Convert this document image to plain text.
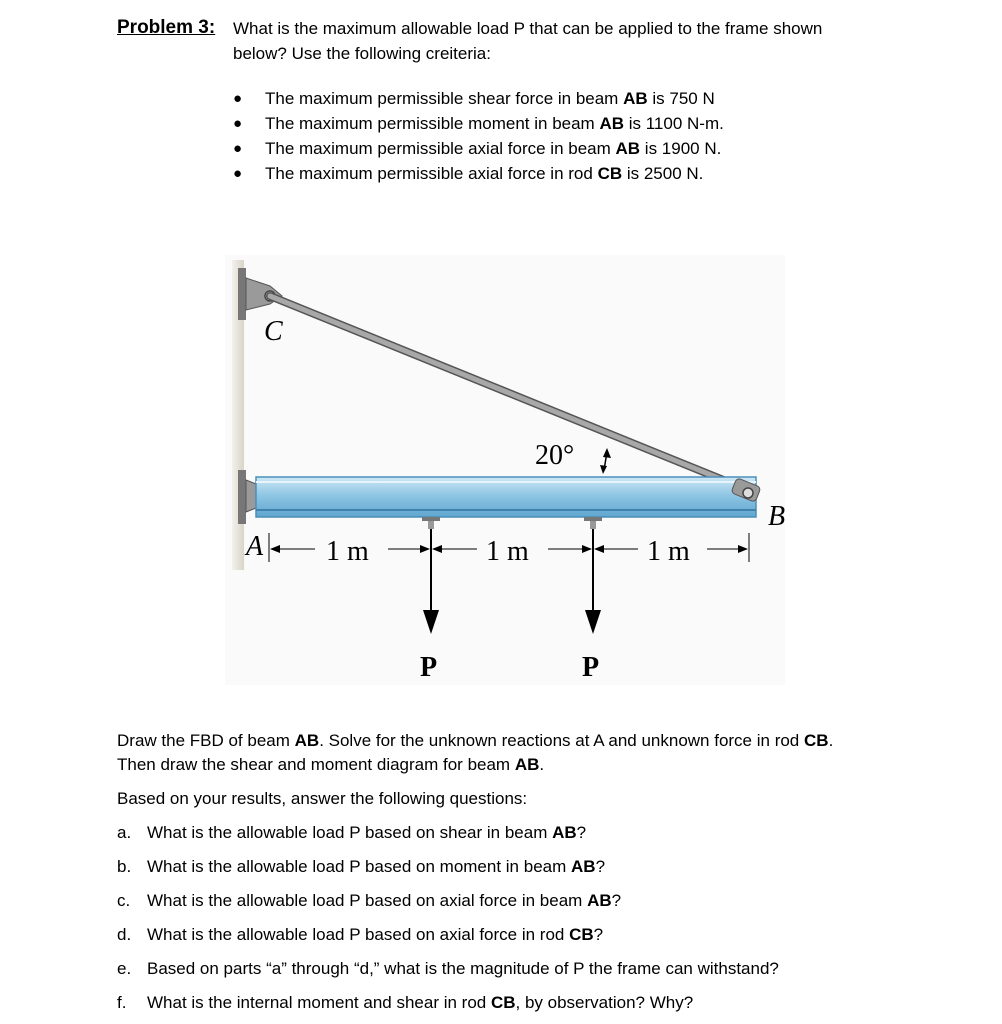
Problem 3: What is the maximum allowable load P that can be applied to the frame shown
below? Use the following creiteria:
●	The maximum permissible shear force in beam AB is 750 N
●	The maximum permissible moment in beam AB is 1100 N-m.
●	The maximum permissible axial force in beam AB is 1900 N.
●	The maximum permissible axial force in rod CB is 2500 N.
20°
C
A
B
1 m	1 m	1 m
P	P
Draw the FBD of beam AB. Solve for the unknown reactions at A and unknown force in rod CB.
Then draw the shear and moment diagram for beam AB.
Based on your results, answer the following questions:
a. What is the allowable load P based on shear in beam AB?
b. What is the allowable load P based on moment in beam AB?
c. What is the allowable load P based on axial force in beam AB?
d. What is the allowable load P based on axial force in rod CB?
e. Based on parts “a” through “d,” what is the magnitude of P the frame can withstand?
f. What is the internal moment and shear in rod CB, by observation? Why?
